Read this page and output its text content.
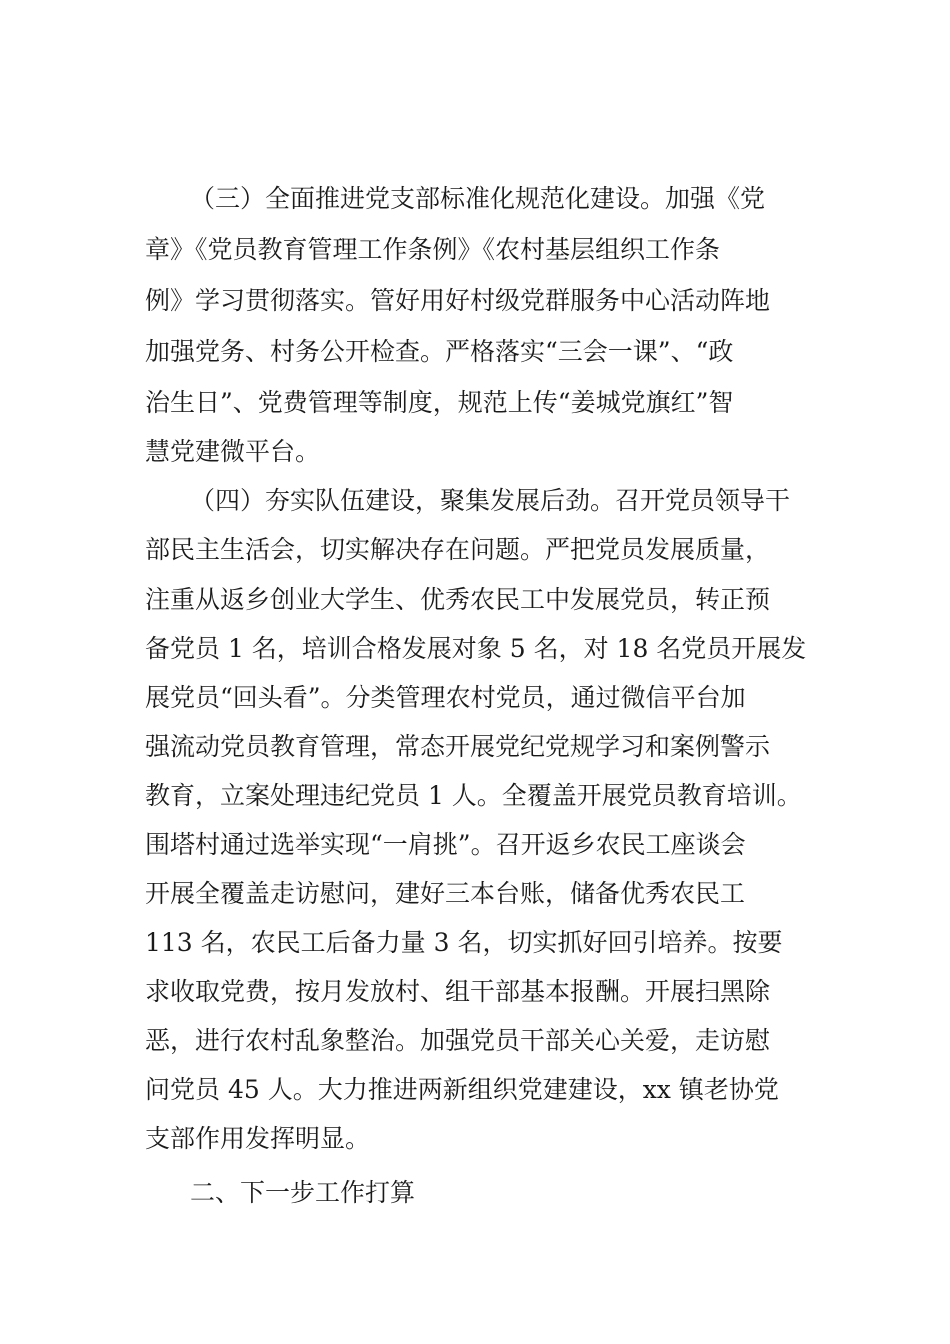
（三）全面推进党支部标准化规范化建设。加强《党
章》《党员教育管理工作条例》《农村基层组织工作条
例》学习贯彻落实。管好用好村级党群服务中心活动阵地
加强党务、村务公开检查。严格落实“三会一课”、“政
治生日”、党费管理等制度，规范上传“姜城党旗红”智
慧党建微平台。
（四）夯实队伍建设，聚集发展后劲。召开党员领导干
部民主生活会，切实解决存在问题。严把党员发展质量，
注重从返乡创业大学生、优秀农民工中发展党员，转正预
备党员 1 名，培训合格发展对象 5 名，对 18 名党员开展发
展党员“回头看”。分类管理农村党员，通过微信平台加
强流动党员教育管理，常态开展党纪党规学习和案例警示
教育，立案处理违纪党员 1 人。全覆盖开展党员教育培训。
围塔村通过选举实现“一肩挑”。召开返乡农民工座谈会
开展全覆盖走访慰问，建好三本台账，储备优秀农民工
113 名，农民工后备力量 3 名，切实抓好回引培养。按要
求收取党费，按月发放村、组干部基本报酬。开展扫黑除
恶，进行农村乱象整治。加强党员干部关心关爱，走访慰
问党员 45 人。大力推进两新组织党建建设，xx 镇老协党
支部作用发挥明显。
二、下一步工作打算
